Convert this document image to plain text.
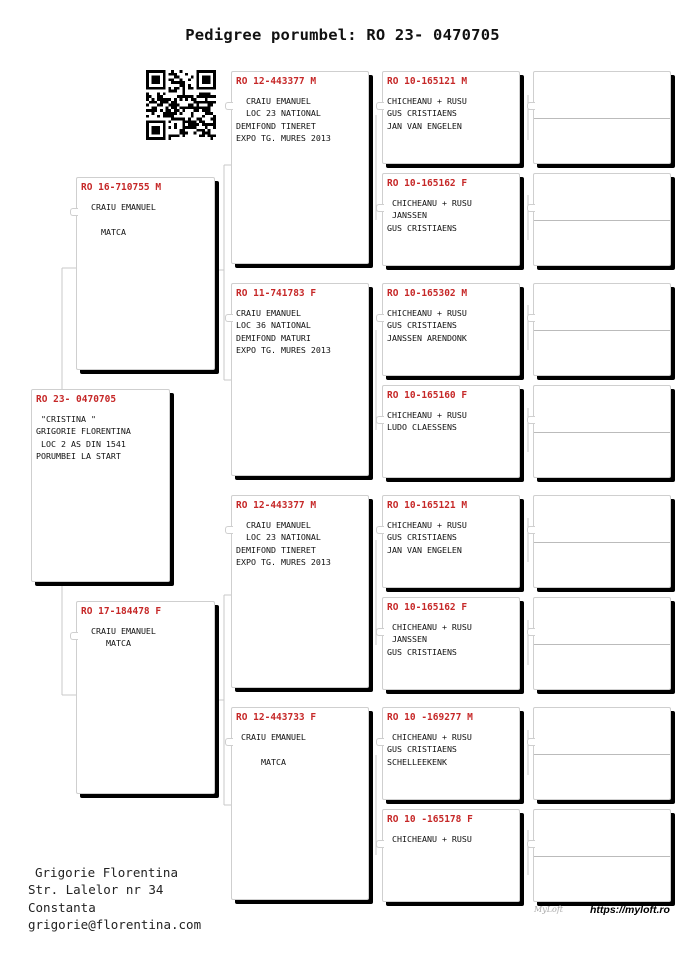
Pedigree porumbel: RO 23- 0470705
RO 23- 0470705
"CRISTINA "
GRIGORIE FLORENTINA
LOC 2 AS DIN 1541
PORUMBEI LA START
RO 16-710755 M
CRAIU EMANUEL
MATCA
RO 17-184478 F
CRAIU EMANUEL
MATCA
RO 12-443377 M
CRAIU EMANUEL
LOC 23 NATIONAL
DEMIFOND TINERET
EXPO TG. MURES 2013
RO 11-741783 F
CRAIU EMANUEL
LOC 36 NATIONAL
DEMIFOND MATURI
EXPO TG. MURES 2013
RO 12-443377 M
CRAIU EMANUEL
LOC 23 NATIONAL
DEMIFOND TINERET
EXPO TG. MURES 2013
RO 12-443733 F
CRAIU EMANUEL
MATCA
RO 10-165121 M
CHICHEANU + RUSU
GUS CRISTIAENS
JAN VAN ENGELEN
RO 10-165162 F
CHICHEANU + RUSU
JANSSEN
GUS CRISTIAENS
RO 10-165302 M
CHICHEANU + RUSU
GUS CRISTIAENS
JANSSEN ARENDONK
RO 10-165160 F
CHICHEANU + RUSU
LUDO CLAESSENS
RO 10-165121 M
CHICHEANU + RUSU
GUS CRISTIAENS
JAN VAN ENGELEN
RO 10-165162 F
CHICHEANU + RUSU
JANSSEN
GUS CRISTIAENS
RO 10 -169277 M
CHICHEANU + RUSU
GUS CRISTIAENS
SCHELLEEKENK
RO 10 -165178 F
CHICHEANU + RUSU
Grigorie Florentina
Str. Lalelor nr 34
Constanta
grigorie@florentina.com
MyLoft	https://myloft.ro
